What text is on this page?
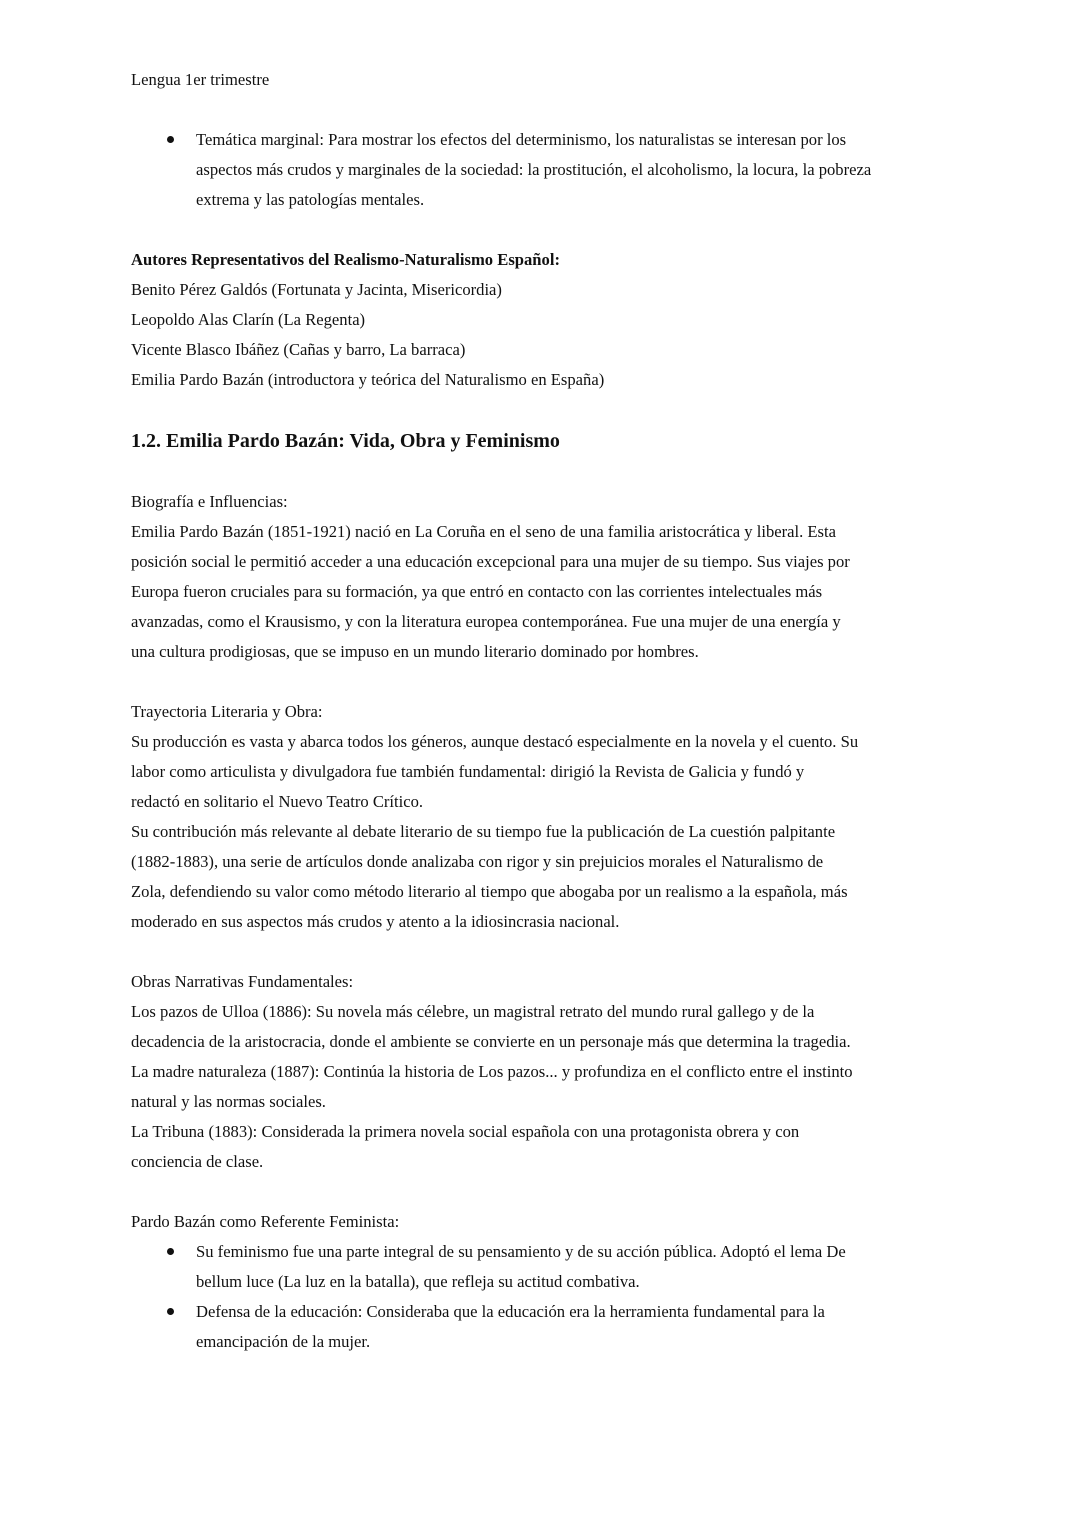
Lengua 1er trimestre
Temática marginal: Para mostrar los efectos del determinismo, los naturalistas se interesan por los
aspectos más crudos y marginales de la sociedad: la prostitución, el alcoholismo, la locura, la pobreza
extrema y las patologías mentales.
Autores Representativos del Realismo-Naturalismo Español:
Benito Pérez Galdós (Fortunata y Jacinta, Misericordia)
Leopoldo Alas Clarín (La Regenta)
Vicente Blasco Ibáñez (Cañas y barro, La barraca)
Emilia Pardo Bazán (introductora y teórica del Naturalismo en España)
1.2. Emilia Pardo Bazán: Vida, Obra y Feminismo
Biografía e Influencias:
Emilia Pardo Bazán (1851-1921) nació en La Coruña en el seno de una familia aristocrática y liberal. Esta
posición social le permitió acceder a una educación excepcional para una mujer de su tiempo. Sus viajes por
Europa fueron cruciales para su formación, ya que entró en contacto con las corrientes intelectuales más
avanzadas, como el Krausismo, y con la literatura europea contemporánea. Fue una mujer de una energía y
una cultura prodigiosas, que se impuso en un mundo literario dominado por hombres.
Trayectoria Literaria y Obra:
Su producción es vasta y abarca todos los géneros, aunque destacó especialmente en la novela y el cuento. Su
labor como articulista y divulgadora fue también fundamental: dirigió la Revista de Galicia y fundó y
redactó en solitario el Nuevo Teatro Crítico.
Su contribución más relevante al debate literario de su tiempo fue la publicación de La cuestión palpitante
(1882-1883), una serie de artículos donde analizaba con rigor y sin prejuicios morales el Naturalismo de
Zola, defendiendo su valor como método literario al tiempo que abogaba por un realismo a la española, más
moderado en sus aspectos más crudos y atento a la idiosincrasia nacional.
Obras Narrativas Fundamentales:
Los pazos de Ulloa (1886): Su novela más célebre, un magistral retrato del mundo rural gallego y de la
decadencia de la aristocracia, donde el ambiente se convierte en un personaje más que determina la tragedia.
La madre naturaleza (1887): Continúa la historia de Los pazos... y profundiza en el conflicto entre el instinto
natural y las normas sociales.
La Tribuna (1883): Considerada la primera novela social española con una protagonista obrera y con
conciencia de clase.
Pardo Bazán como Referente Feminista:
Su feminismo fue una parte integral de su pensamiento y de su acción pública. Adoptó el lema De
bellum luce (La luz en la batalla), que refleja su actitud combativa.
Defensa de la educación: Consideraba que la educación era la herramienta fundamental para la
emancipación de la mujer.
